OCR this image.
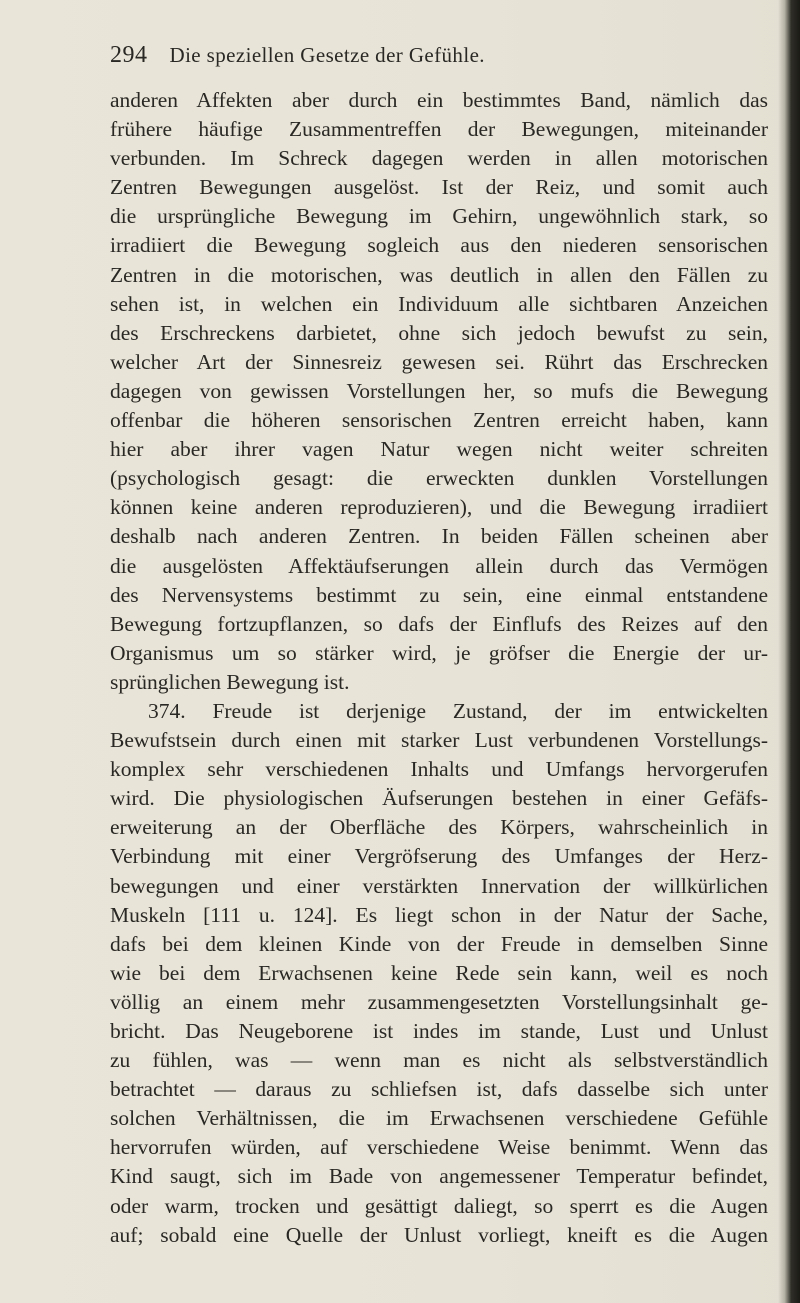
294 Die speziellen Gesetze der Gefühle.
anderen Affekten aber durch ein bestimmtes Band, nämlich das
frühere häufige Zusammentreffen der Bewegungen, miteinander
verbunden. Im Schreck dagegen werden in allen motorischen
Zentren Bewegungen ausgelöst. Ist der Reiz, und somit auch
die ursprüngliche Bewegung im Gehirn, ungewöhnlich stark, so
irradiiert die Bewegung sogleich aus den niederen sensorischen
Zentren in die motorischen, was deutlich in allen den Fällen zu
sehen ist, in welchen ein Individuum alle sichtbaren Anzeichen
des Erschreckens darbietet, ohne sich jedoch bewufst zu sein,
welcher Art der Sinnesreiz gewesen sei. Rührt das Erschrecken
dagegen von gewissen Vorstellungen her, so mufs die Bewegung
offenbar die höheren sensorischen Zentren erreicht haben, kann
hier aber ihrer vagen Natur wegen nicht weiter schreiten
(psychologisch gesagt: die erweckten dunklen Vorstellungen
können keine anderen reproduzieren), und die Bewegung irradiiert
deshalb nach anderen Zentren. In beiden Fällen scheinen aber
die ausgelösten Affektäufserungen allein durch das Vermögen
des Nervensystems bestimmt zu sein, eine einmal entstandene
Bewegung fortzupflanzen, so dafs der Einflufs des Reizes auf den
Organismus um so stärker wird, je gröfser die Energie der ur-
sprünglichen Bewegung ist.
374. Freude ist derjenige Zustand, der im entwickelten
Bewufstsein durch einen mit starker Lust verbundenen Vorstellungs-
komplex sehr verschiedenen Inhalts und Umfangs hervorgerufen
wird. Die physiologischen Äufserungen bestehen in einer Gefäfs-
erweiterung an der Oberfläche des Körpers, wahrscheinlich in
Verbindung mit einer Vergröfserung des Umfanges der Herz-
bewegungen und einer verstärkten Innervation der willkürlichen
Muskeln [111 u. 124]. Es liegt schon in der Natur der Sache,
dafs bei dem kleinen Kinde von der Freude in demselben Sinne
wie bei dem Erwachsenen keine Rede sein kann, weil es noch
völlig an einem mehr zusammengesetzten Vorstellungsinhalt ge-
bricht. Das Neugeborene ist indes im stande, Lust und Unlust
zu fühlen, was — wenn man es nicht als selbstverständlich
betrachtet — daraus zu schliefsen ist, dafs dasselbe sich unter
solchen Verhältnissen, die im Erwachsenen verschiedene Gefühle
hervorrufen würden, auf verschiedene Weise benimmt. Wenn das
Kind saugt, sich im Bade von angemessener Temperatur befindet,
oder warm, trocken und gesättigt daliegt, so sperrt es die Augen
auf; sobald eine Quelle der Unlust vorliegt, kneift es die Augen
